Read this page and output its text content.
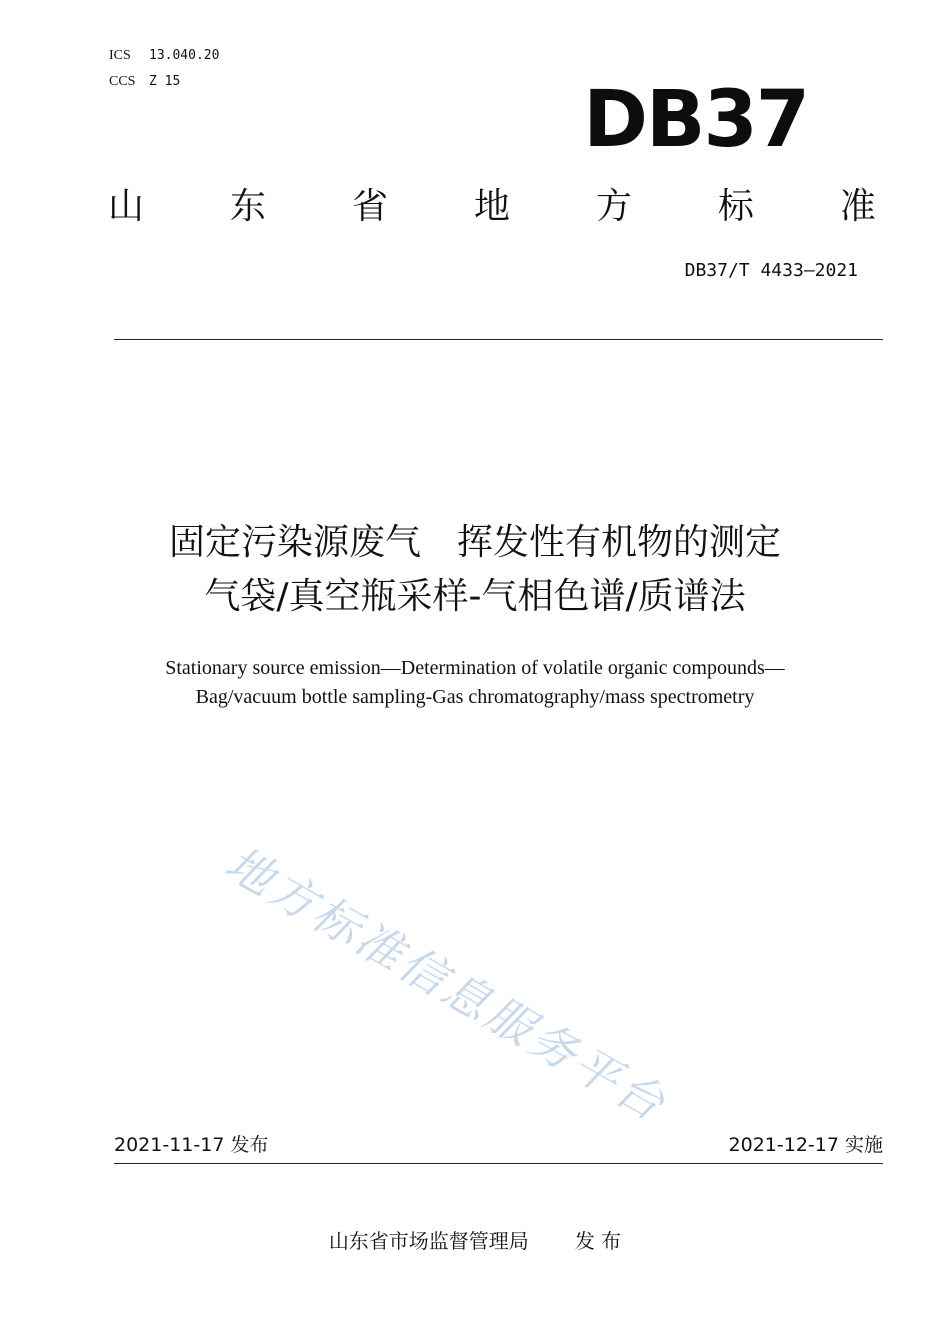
ICS 13.040.20
CCS Z 15	DB37
山 东 省 地 方 标 准
DB37/T 4433—2021
固定污染源废气　挥发性有机物的测定
气袋/真空瓶采样-气相色谱/质谱法
Stationary source emission—Determination of volatile organic compounds—
Bag/vacuum bottle sampling-Gas chromatography/mass spectrometry
地方标准信息服务平台
2021-11-17 发布	2021-12-17 实施
山东省市场监督管理局 发 布
